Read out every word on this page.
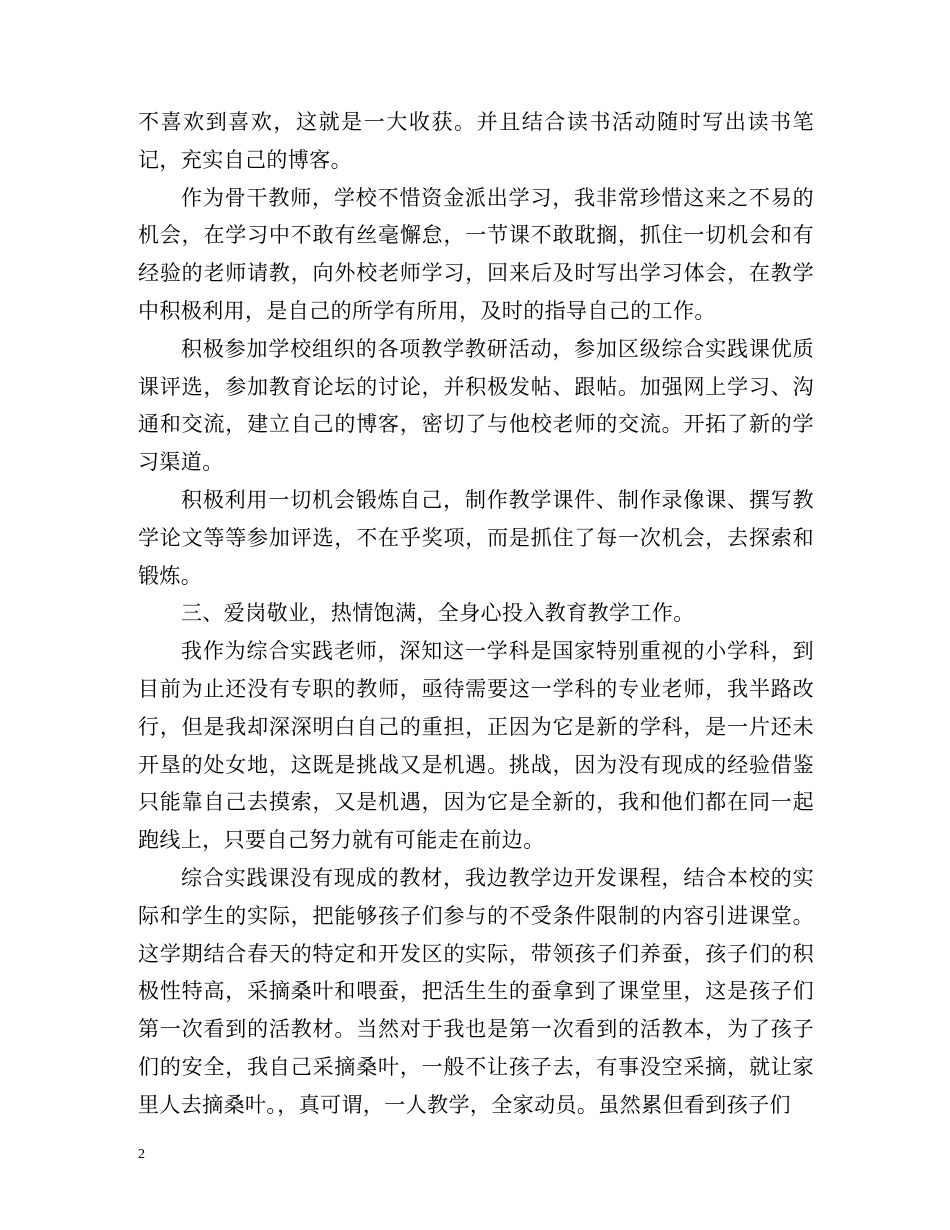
不喜欢到喜欢，这就是一大收获。并且结合读书活动随时写出读书笔记，充实自己的博客。

作为骨干教师，学校不惜资金派出学习，我非常珍惜这来之不易的机会，在学习中不敢有丝毫懈怠，一节课不敢耽搁，抓住一切机会和有经验的老师请教，向外校老师学习，回来后及时写出学习体会，在教学中积极利用，是自己的所学有所用，及时的指导自己的工作。

积极参加学校组织的各项教学教研活动，参加区级综合实践课优质课评选，参加教育论坛的讨论，并积极发帖、跟帖。加强网上学习、沟通和交流，建立自己的博客，密切了与他校老师的交流。开拓了新的学习渠道。

积极利用一切机会锻炼自己，制作教学课件、制作录像课、撰写教学论文等等参加评选，不在乎奖项，而是抓住了每一次机会，去探索和锻炼。

三、爱岗敬业，热情饱满，全身心投入教育教学工作。

我作为综合实践老师，深知这一学科是国家特别重视的小学科，到目前为止还没有专职的教师，亟待需要这一学科的专业老师，我半路改行，但是我却深深明白自己的重担，正因为它是新的学科，是一片还未开垦的处女地，这既是挑战又是机遇。挑战，因为没有现成的经验借鉴只能靠自己去摸索，又是机遇，因为它是全新的，我和他们都在同一起跑线上，只要自己努力就有可能走在前边。

综合实践课没有现成的教材，我边教学边开发课程，结合本校的实际和学生的实际，把能够孩子们参与的不受条件限制的内容引进课堂。这学期结合春天的特定和开发区的实际，带领孩子们养蚕，孩子们的积极性特高，采摘桑叶和喂蚕，把活生生的蚕拿到了课堂里，这是孩子们第一次看到的活教材。当然对于我也是第一次看到的活教本，为了孩子们的安全，我自己采摘桑叶，一般不让孩子去，有事没空采摘，就让家里人去摘桑叶。，真可谓，一人教学，全家动员。虽然累但看到孩子们

2
